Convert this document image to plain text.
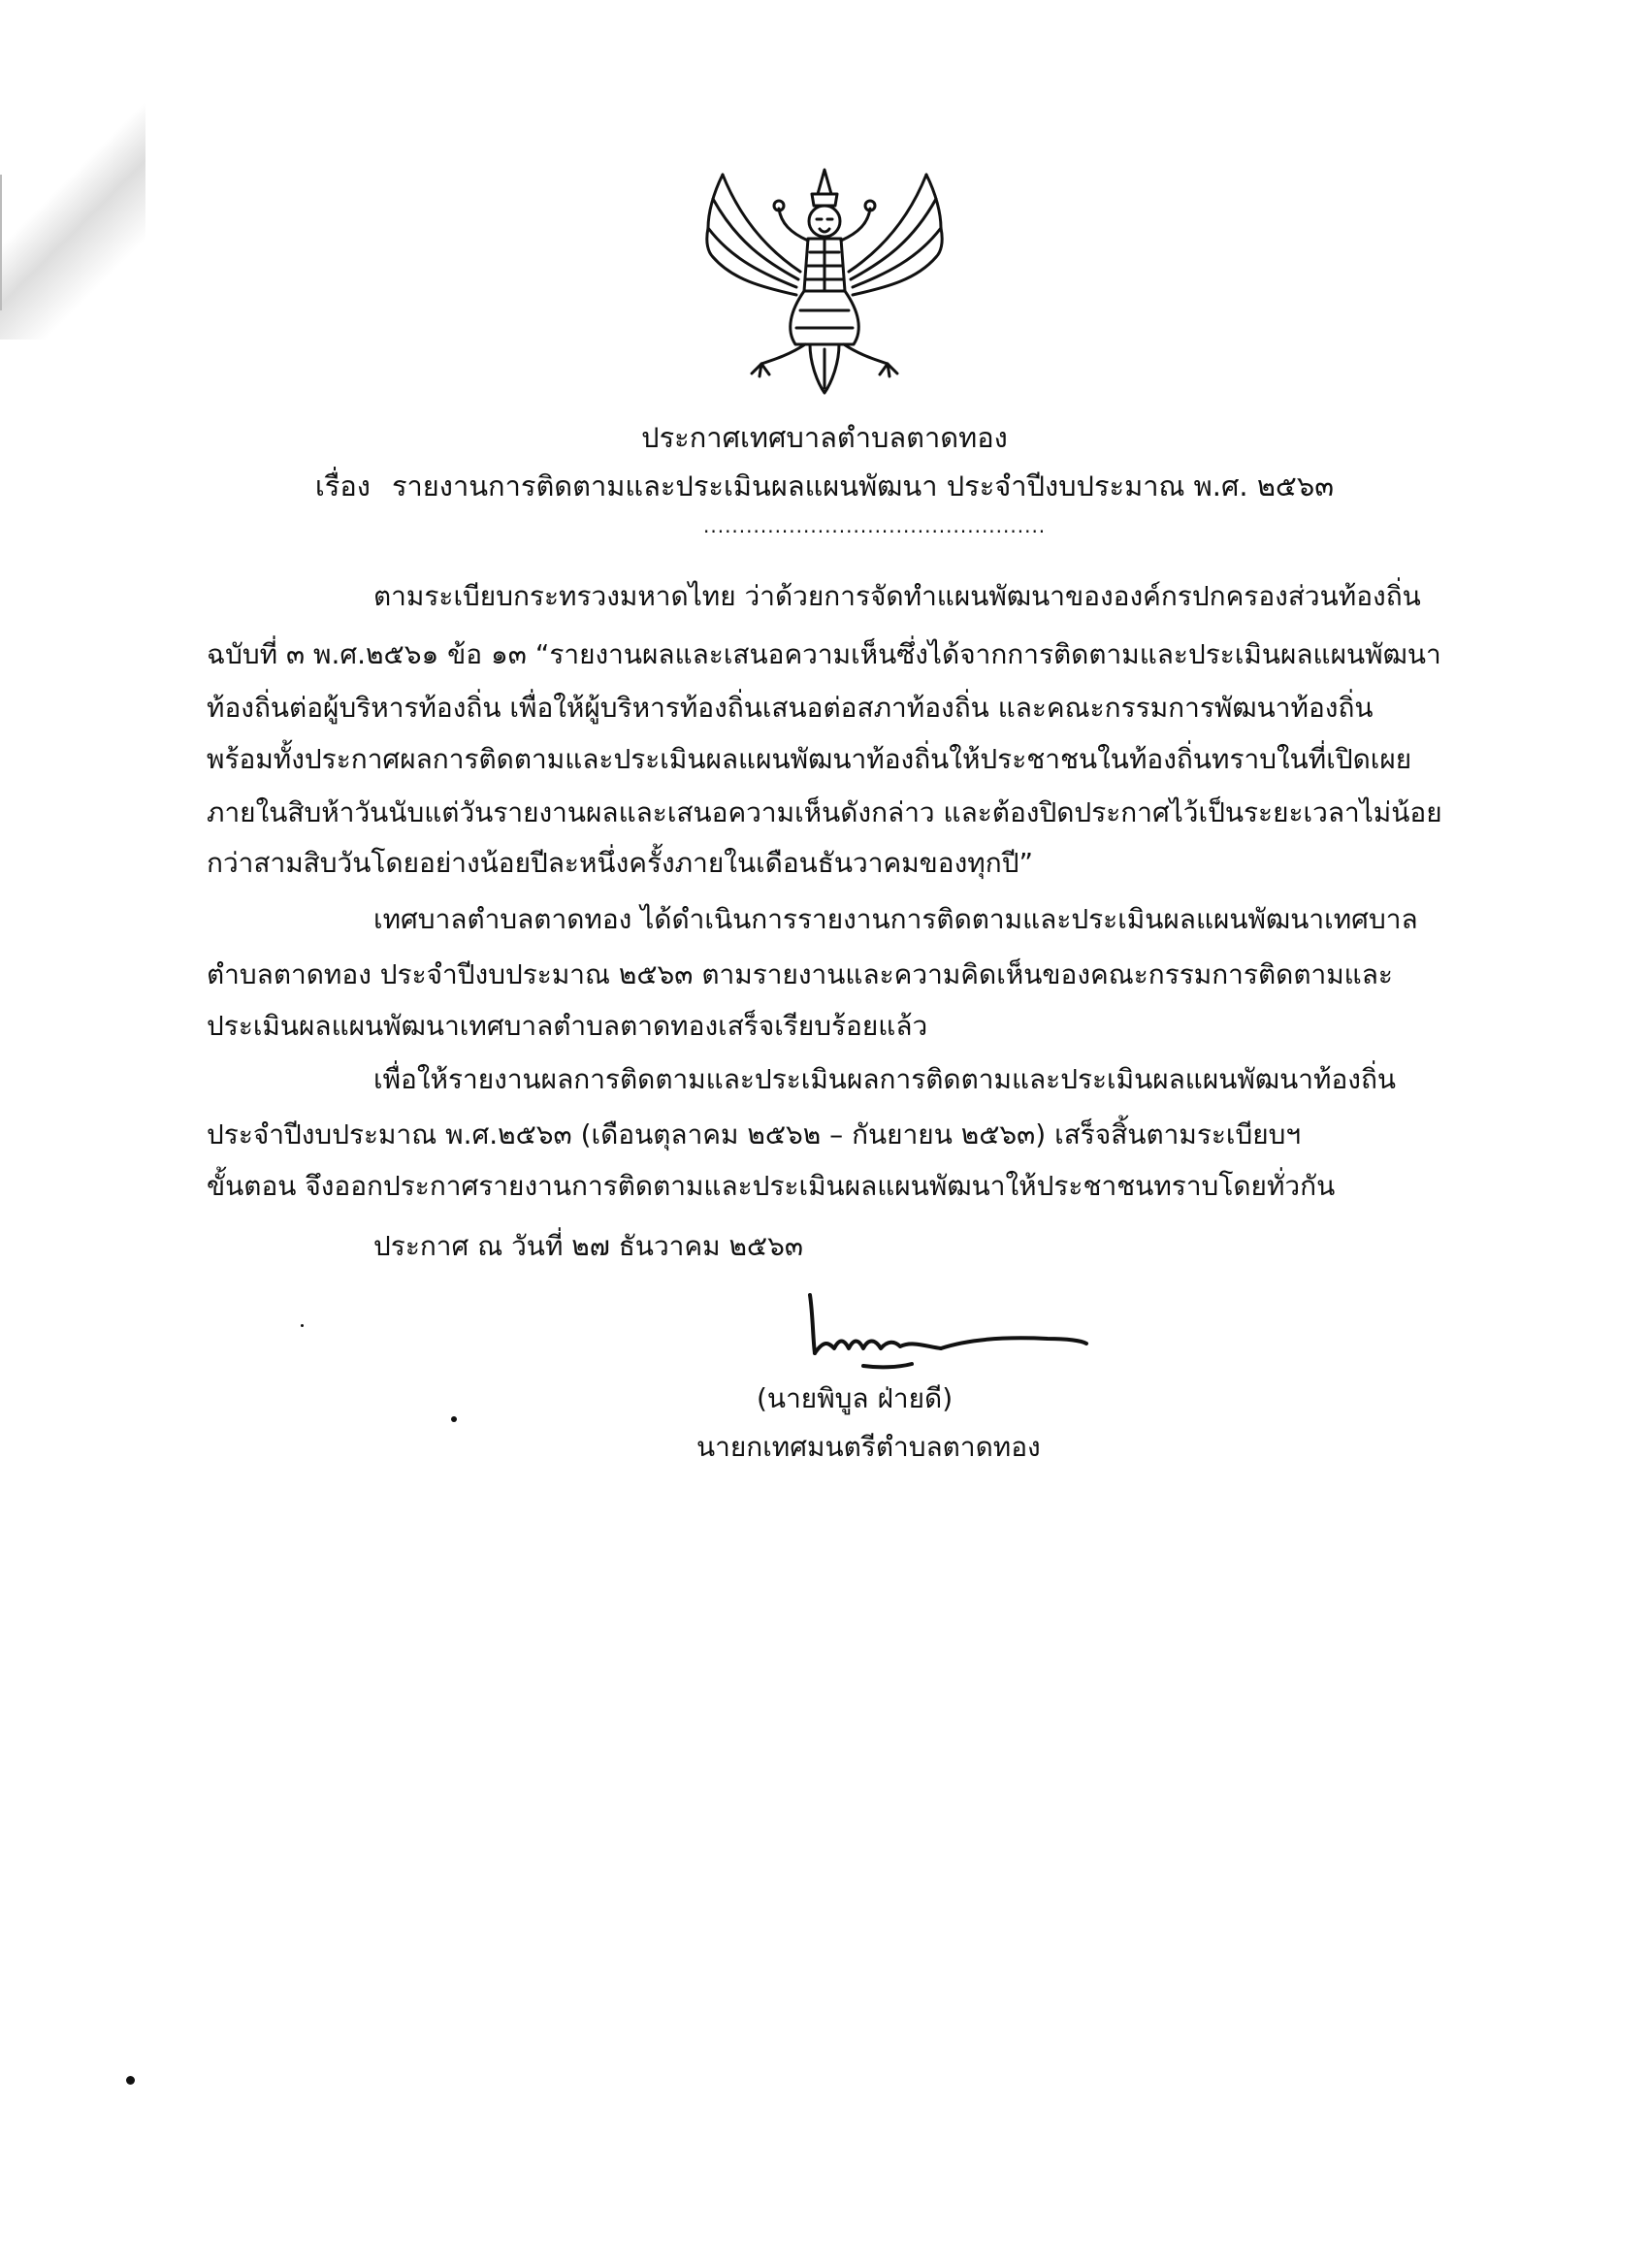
ประกาศเทศบาลตำบลตาดทอง
เรื่อง รายงานการติดตามและประเมินผลแผนพัฒนา ประจำปีงบประมาณ พ.ศ. ๒๕๖๓
................................................
ตามระเบียบกระทรวงมหาดไทย ว่าด้วยการจัดทำแผนพัฒนาขององค์กรปกครองส่วนท้องถิ่น
ฉบับที่ ๓ พ.ศ.๒๕๖๑ ข้อ ๑๓ “รายงานผลและเสนอความเห็นซึ่งได้จากการติดตามและประเมินผลแผนพัฒนา
ท้องถิ่นต่อผู้บริหารท้องถิ่น เพื่อให้ผู้บริหารท้องถิ่นเสนอต่อสภาท้องถิ่น และคณะกรรมการพัฒนาท้องถิ่น
พร้อมทั้งประกาศผลการติดตามและประเมินผลแผนพัฒนาท้องถิ่นให้ประชาชนในท้องถิ่นทราบในที่เปิดเผย
ภายในสิบห้าวันนับแต่วันรายงานผลและเสนอความเห็นดังกล่าว และต้องปิดประกาศไว้เป็นระยะเวลาไม่น้อย
กว่าสามสิบวันโดยอย่างน้อยปีละหนึ่งครั้งภายในเดือนธันวาคมของทุกปี”
เทศบาลตำบลตาดทอง ได้ดำเนินการรายงานการติดตามและประเมินผลแผนพัฒนาเทศบาล
ตำบลตาดทอง ประจำปีงบประมาณ ๒๕๖๓ ตามรายงานและความคิดเห็นของคณะกรรมการติดตามและ
ประเมินผลแผนพัฒนาเทศบาลตำบลตาดทองเสร็จเรียบร้อยแล้ว
เพื่อให้รายงานผลการติดตามและประเมินผลการติดตามและประเมินผลแผนพัฒนาท้องถิ่น
ประจำปีงบประมาณ พ.ศ.๒๕๖๓ (เดือนตุลาคม ๒๕๖๒ – กันยายน ๒๕๖๓) เสร็จสิ้นตามระเบียบฯ
ขั้นตอน จึงออกประกาศรายงานการติดตามและประเมินผลแผนพัฒนาให้ประชาชนทราบโดยทั่วกัน
ประกาศ ณ วันที่ ๒๗ ธันวาคม ๒๕๖๓
(นายพิบูล ฝ่ายดี)
นายกเทศมนตรีตำบลตาดทอง
